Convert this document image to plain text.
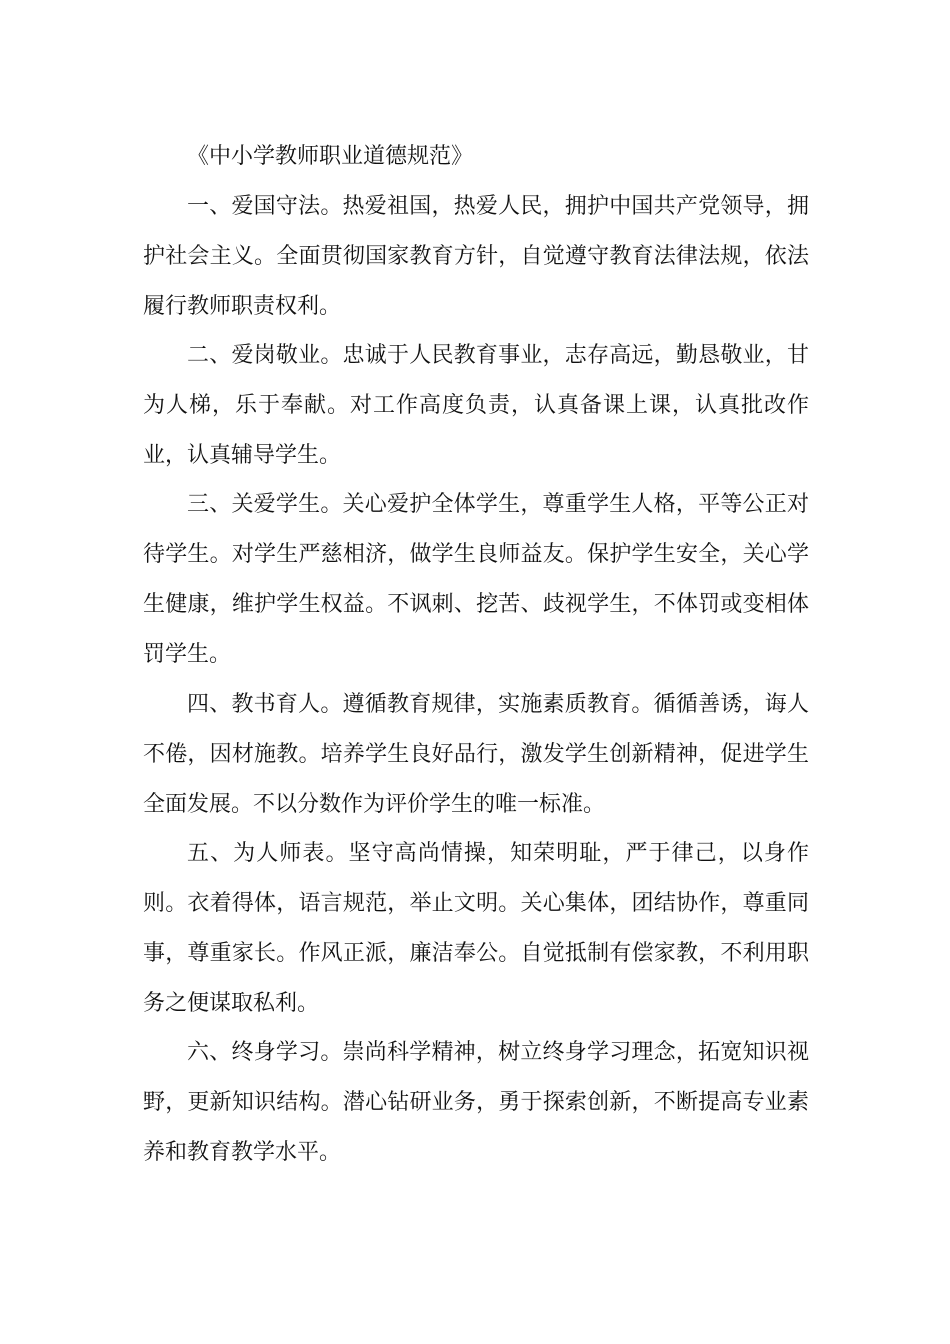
《中小学教师职业道德规范》
一、爱国守法。热爱祖国，热爱人民，拥护中国共产党领导，拥护社会主义。全面贯彻国家教育方针，自觉遵守教育法律法规，依法履行教师职责权利。
二、爱岗敬业。忠诚于人民教育事业，志存高远，勤恳敬业，甘为人梯，乐于奉献。对工作高度负责，认真备课上课，认真批改作业，认真辅导学生。
三、关爱学生。关心爱护全体学生，尊重学生人格，平等公正对待学生。对学生严慈相济，做学生良师益友。保护学生安全，关心学生健康，维护学生权益。不讽刺、挖苦、歧视学生，不体罚或变相体罚学生。
四、教书育人。遵循教育规律，实施素质教育。循循善诱，诲人不倦，因材施教。培养学生良好品行，激发学生创新精神，促进学生全面发展。不以分数作为评价学生的唯一标准。
五、为人师表。坚守高尚情操，知荣明耻，严于律己，以身作则。衣着得体，语言规范，举止文明。关心集体，团结协作，尊重同事，尊重家长。作风正派，廉洁奉公。自觉抵制有偿家教，不利用职务之便谋取私利。
六、终身学习。崇尚科学精神，树立终身学习理念，拓宽知识视野，更新知识结构。潜心钻研业务，勇于探索创新，不断提高专业素养和教育教学水平。
